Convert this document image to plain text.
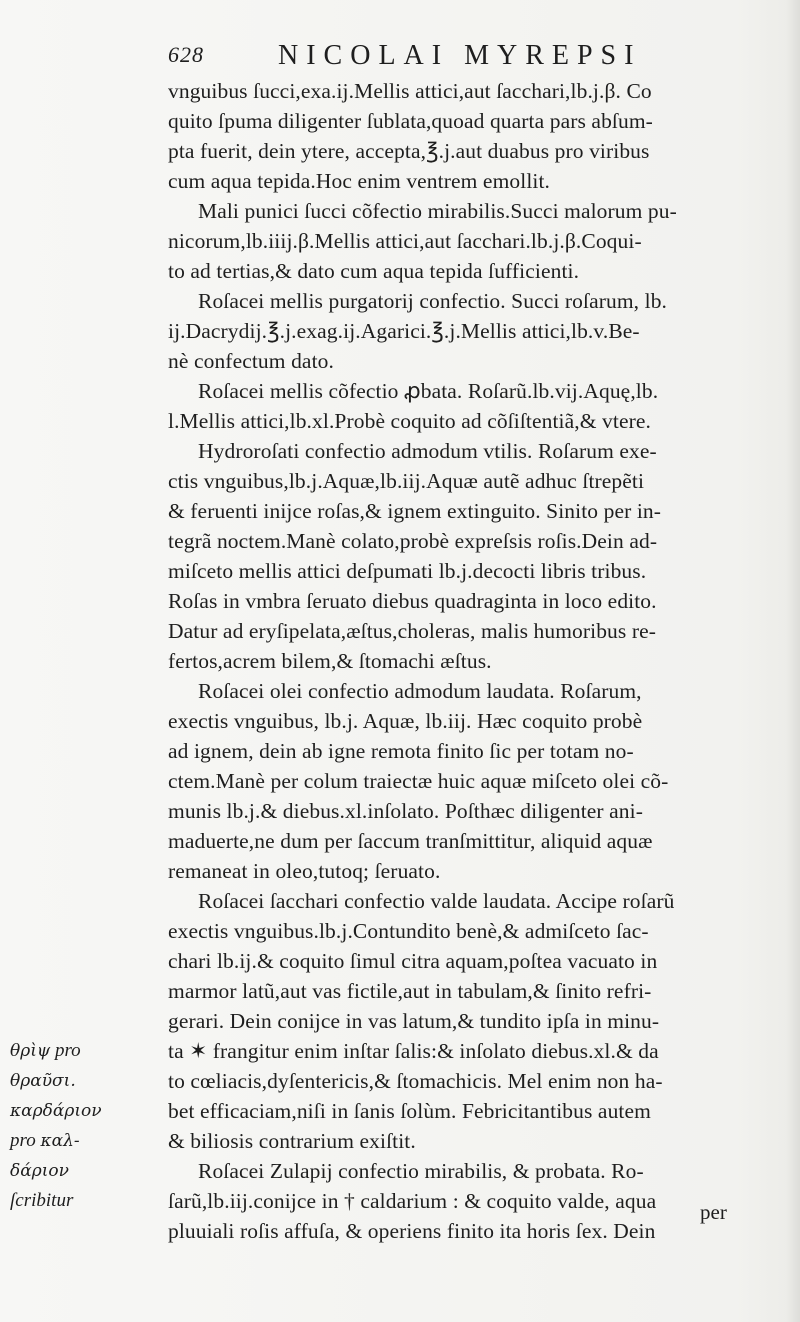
628	NICOLAI MYREPSI
vnguibus ſucci,exa.ij.Mellis attici,aut ſacchari,lb.j.β. Co
quito ſpuma diligenter ſublata,quoad quarta pars abſum-
pta fuerit, dein ytere, accepta,℥.j.aut duabus pro viribus
cum aqua tepida.Hoc enim ventrem emollit.
Mali punici ſucci cõfectio mirabilis.Succi malorum pu-
nicorum,lb.iiij.β.Mellis attici,aut ſacchari.lb.j.β.Coqui-
to ad tertias,& dato cum aqua tepida ſufficienti.
Roſacei mellis purgatorij confectio. Succi roſarum, lb.
ij.Dacrydij.℥.j.exag.ij.Agarici.℥.j.Mellis attici,lb.v.Be-
nè confectum dato.
Roſacei mellis cõfectio ꝓbata. Roſarũ.lb.vij.Aquę,lb.
l.Mellis attici,lb.xl.Probè coquito ad cõſiſtentiã,& vtere.
Hydroroſati confectio admodum vtilis. Roſarum exe-
ctis vnguibus,lb.j.Aquæ,lb.iij.Aquæ autẽ adhuc ſtrepẽti
& feruenti inijce roſas,& ignem extinguito. Sinito per in-
tegrã noctem.Manè colato,probè expreſsis roſis.Dein ad-
miſceto mellis attici deſpumati lb.j.decocti libris tribus.
Roſas in vmbra ſeruato diebus quadraginta in loco edito.
Datur ad eryſipelata,æſtus,choleras, malis humoribus re-
fertos,acrem bilem,& ſtomachi æſtus.
Roſacei olei confectio admodum laudata. Roſarum,
exectis vnguibus, lb.j. Aquæ, lb.iij. Hæc coquito probè
ad ignem, dein ab igne remota finito ſic per totam no-
ctem.Manè per colum traiectæ huic aquæ miſceto olei cõ-
munis lb.j.& diebus.xl.inſolato. Poſthæc diligenter ani-
maduerte,ne dum per ſaccum tranſmittitur, aliquid aquæ
remaneat in oleo,tutoq; ſeruato.
Roſacei ſacchari confectio valde laudata. Accipe roſarũ
exectis vnguibus.lb.j.Contundito benè,& admiſceto ſac-
chari lb.ij.& coquito ſimul citra aquam,poſtea vacuato in
marmor latũ,aut vas fictile,aut in tabulam,& ſinito refri-
gerari. Dein conijce in vas latum,& tundito ipſa in minu-
ta ✶ frangitur enim inſtar ſalis:& inſolato diebus.xl.& da
to cœliacis,dyſentericis,& ſtomachicis. Mel enim non ha-
bet efficaciam,niſi in ſanis ſolùm. Febricitantibus autem
& biliosis contrarium exiſtit.
Roſacei Zulapij confectio mirabilis, & probata. Ro-
ſarũ,lb.iij.conijce in † caldarium : & coquito valde, aqua
pluuiali roſis affuſa, & operiens finito ita horis ſex. Dein
θρὶψ pro
θραῦσι.
καρδάριον
pro καλ-
δάριον
ſcribitur	per
